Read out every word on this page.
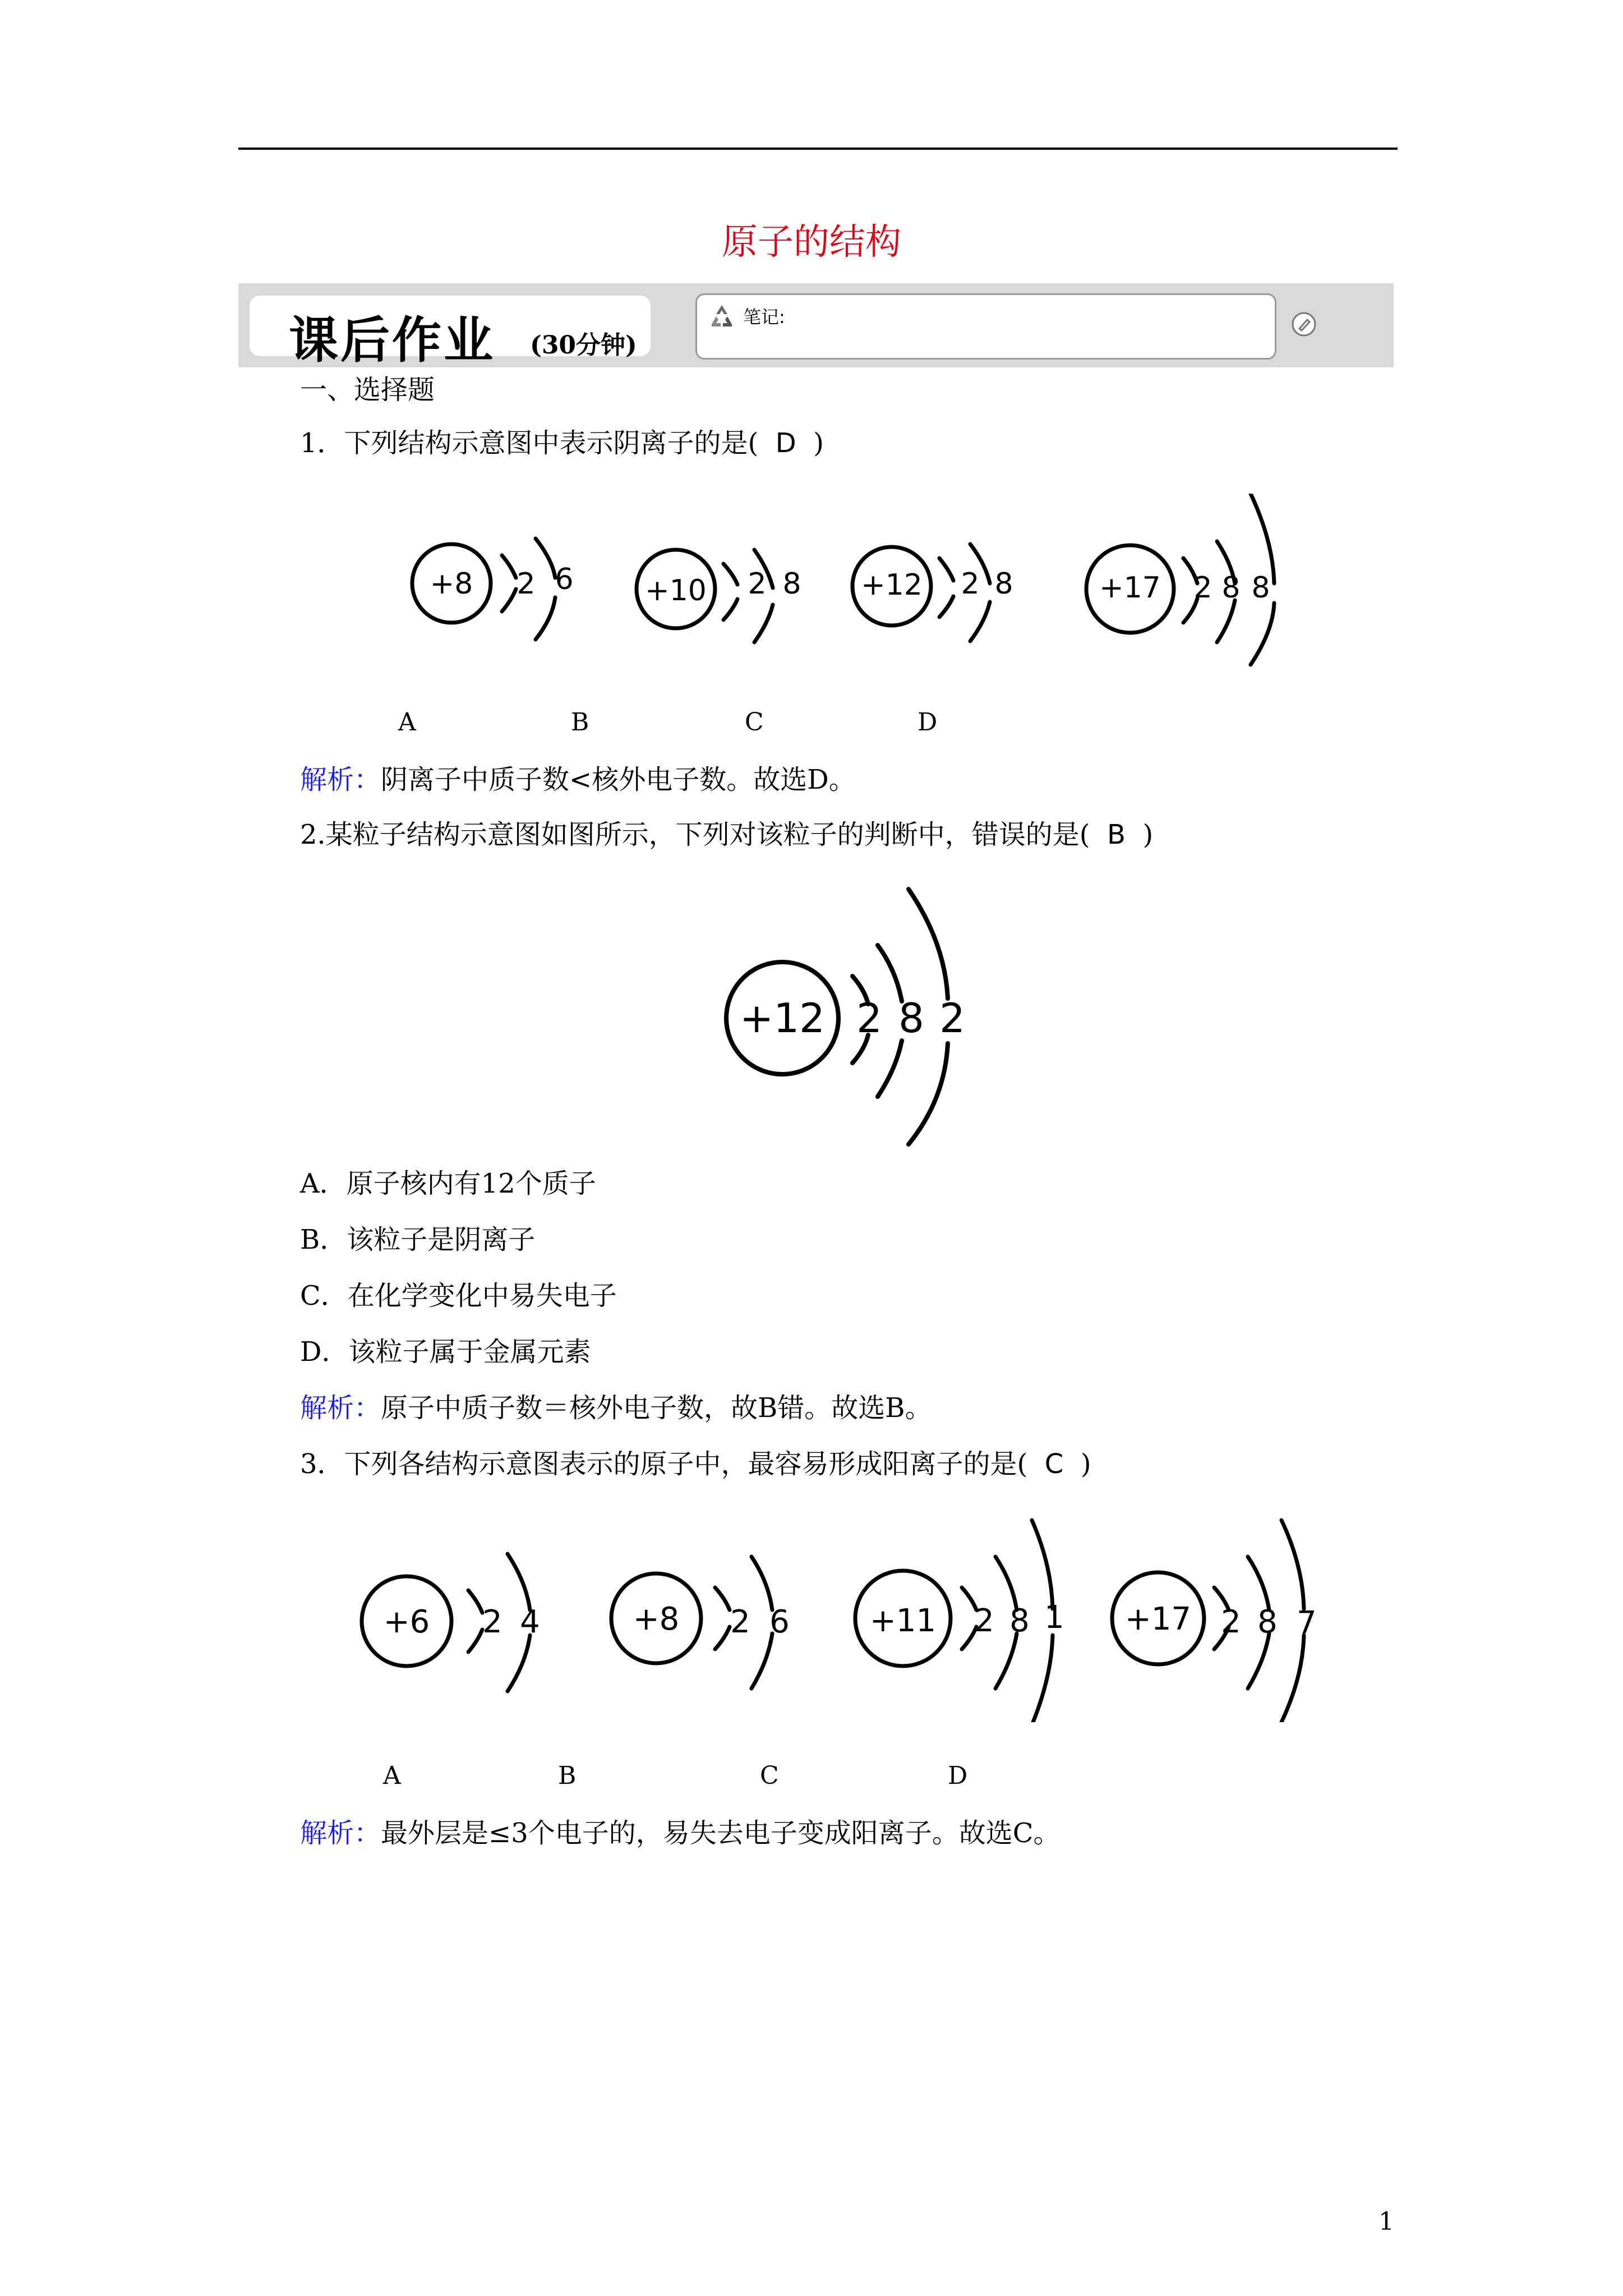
原子的结构
课后作业 (30分钟)
笔记:
一、选择题
1．下列结构示意图中表示阴离子的是( D )
+8 2 6 +10 2 8 +12 2 8	+17 2 8 8
A	B	C	D
解析：阴离子中质子数<核外电子数。故选D。
2.某粒子结构示意图如图所示，下列对该粒子的判断中，错误的是( B )
+12 2 8 2
A．原子核内有12个质子
B．该粒子是阴离子
C．在化学变化中易失电子
D．该粒子属于金属元素
解析：原子中质子数＝核外电子数，故B错。故选B。
3．下列各结构示意图表示的原子中，最容易形成阳离子的是( C )
+6 2 4	+8 2 6	+11 2 8 1 +17 2 8 7
A	B	C	D
解析：最外层是≤3个电子的，易失去电子变成阳离子。故选C。
1
